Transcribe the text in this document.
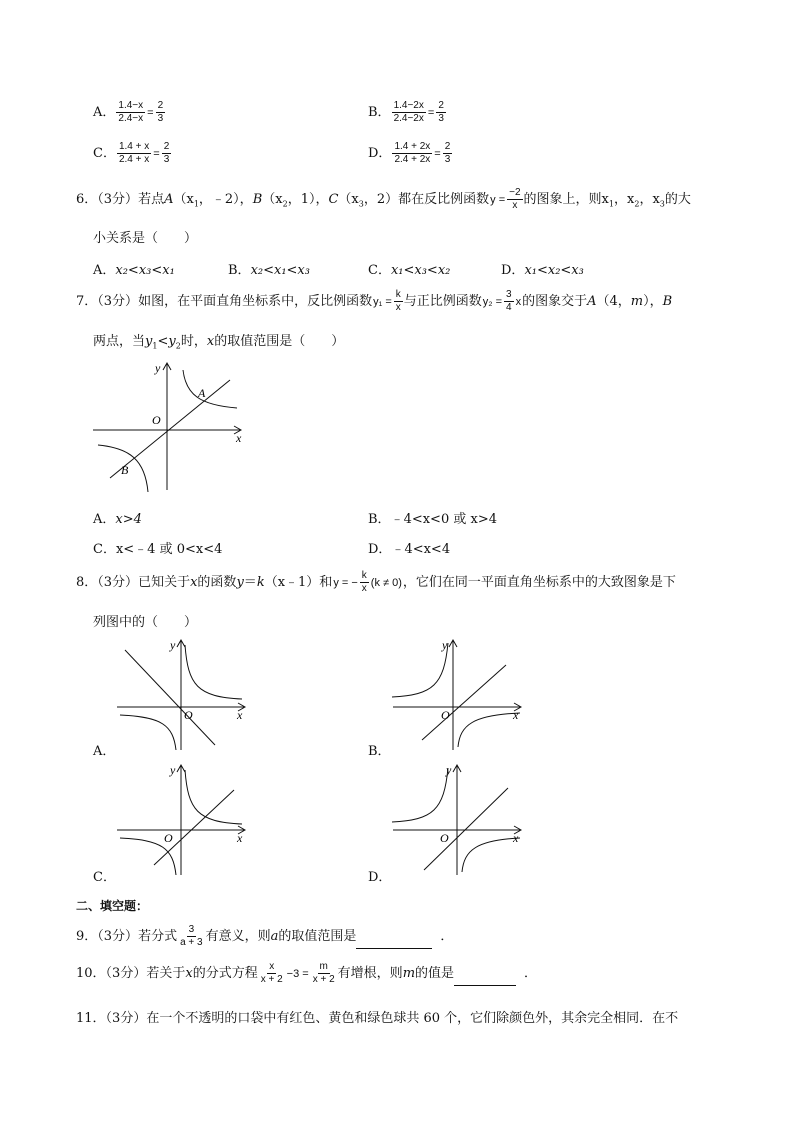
A． $\frac{1.4-x}{2.4-x} = \frac{2}{3}$	B． $\frac{1.4-2x}{2.4-2x} = \frac{2}{3}$
C． $\frac{1.4 + x}{2.4 + x} = \frac{2}{3}$	D． $\frac{1.4 + 2x}{2.4 + 2x} = \frac{2}{3}$
6．（3分）若点$A(x_1$，﹣2），$B(x_2$，1），$C(x_3$，2）都在反比例函数$y = \frac{-2}{x}$ 的图象上，则$x_1$，$x_2$，$x_3$的大
小关系是（　　）
A．x₂<x₃<x₁	B．x₂<x₁<x₃	C．x₁<x₃<x₂	D．x₁<x₂<x₃
7．（3分）如图，在平面直角坐标系中，反比例函数$y_1 = \frac{k}{x}$ 与正比例函数$y_2 = \frac{3}{4}$ x的图象交于A（4，m），B
两点，当$y_1<y_2$时，x的取值范围是（　　）
y
x
O
A
B
A．x>4	B．﹣4<x<0 或 x>4
C．x<﹣4 或 0<x<4	D．﹣4<x<4
8．（3分）已知关于x的函数y＝k（x﹣1）和y = − $\frac{k}{x} (k \ne 0)$，它们在同一平面直角坐标系中的大致图象是下
列图中的（　　）
y
x
O
A．
y
x
O
B．
y
x
O
C．
y
x
O
D．
二、填空题：
9．（3分）若分式 $\frac{3}{a + 3}$ 有意义，则a的取值范围是	．
10．（3分）若关于x的分式方程 $\frac{x}{x + 2} -3 = \frac{m}{x + 2}$ 有增根，则m的值是	．
11．（3分）在一个不透明的口袋中有红色、黄色和绿色球共 60 个，它们除颜色外，其余完全相同．在不
